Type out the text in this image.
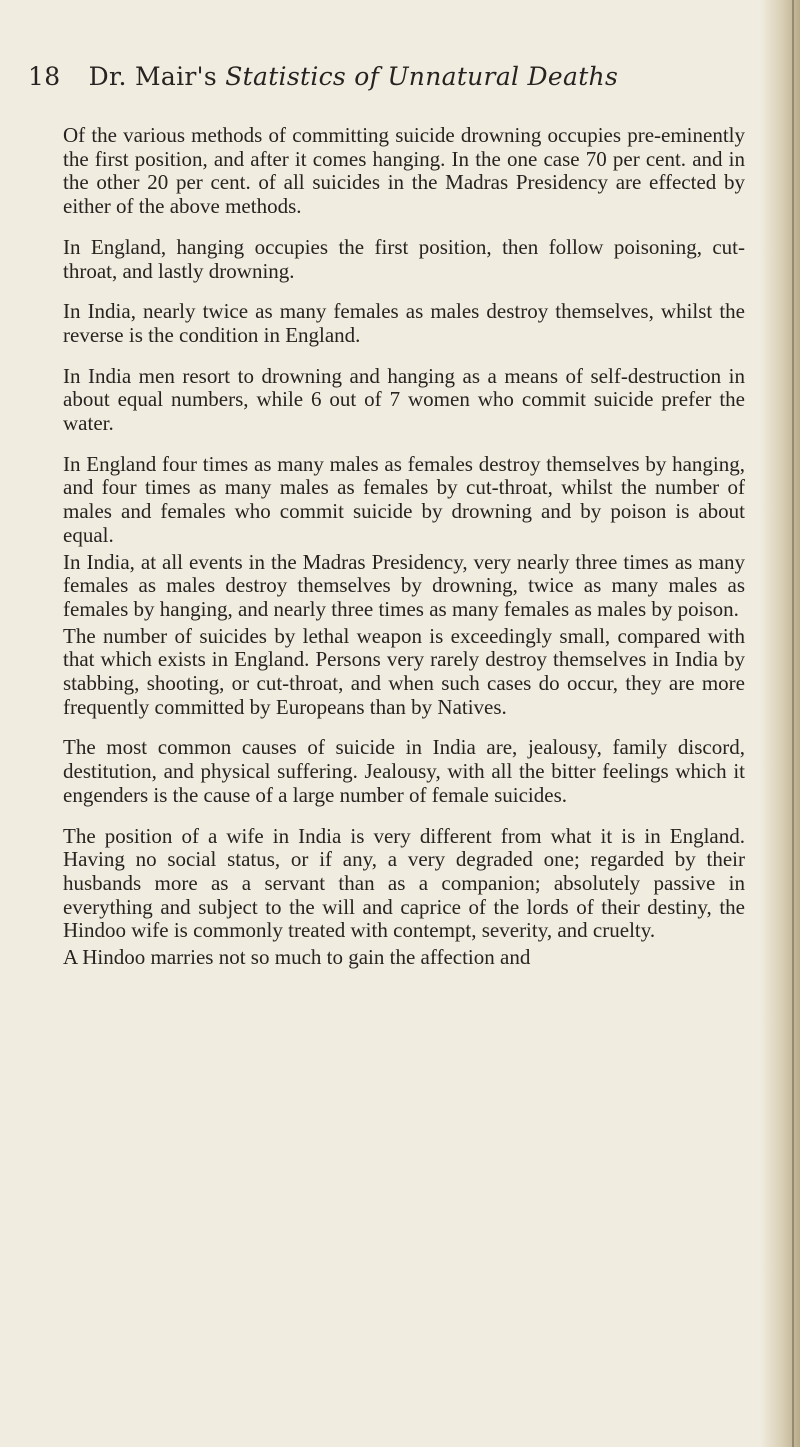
18 Dr. Mair's Statistics of Unnatural Deaths

Of the various methods of committing suicide drowning occupies pre-eminently the first position, and after it comes hanging. In the one case 70 per cent. and in the other 20 per cent. of all suicides in the Madras Presidency are effected by either of the above methods.

In England, hanging occupies the first position, then follow poisoning, cut-throat, and lastly drowning.

In India, nearly twice as many females as males destroy themselves, whilst the reverse is the condition in England.

In India men resort to drowning and hanging as a means of self-destruction in about equal numbers, while 6 out of 7 women who commit suicide prefer the water.

In England four times as many males as females destroy themselves by hanging, and four times as many males as females by cut-throat, whilst the number of males and females who commit suicide by drowning and by poison is about equal.

In India, at all events in the Madras Presidency, very nearly three times as many females as males destroy themselves by drowning, twice as many males as females by hanging, and nearly three times as many females as males by poison.

The number of suicides by lethal weapon is exceedingly small, compared with that which exists in England. Persons very rarely destroy themselves in India by stabbing, shooting, or cut-throat, and when such cases do occur, they are more frequently committed by Europeans than by Natives.

The most common causes of suicide in India are, jealousy, family discord, destitution, and physical suffering. Jealousy, with all the bitter feelings which it engenders is the cause of a large number of female suicides.

The position of a wife in India is very different from what it is in England. Having no social status, or if any, a very degraded one; regarded by their husbands more as a servant than as a companion; absolutely passive in everything and subject to the will and caprice of the lords of their destiny, the Hindoo wife is commonly treated with contempt, severity, and cruelty.

A Hindoo marries not so much to gain the affection and
